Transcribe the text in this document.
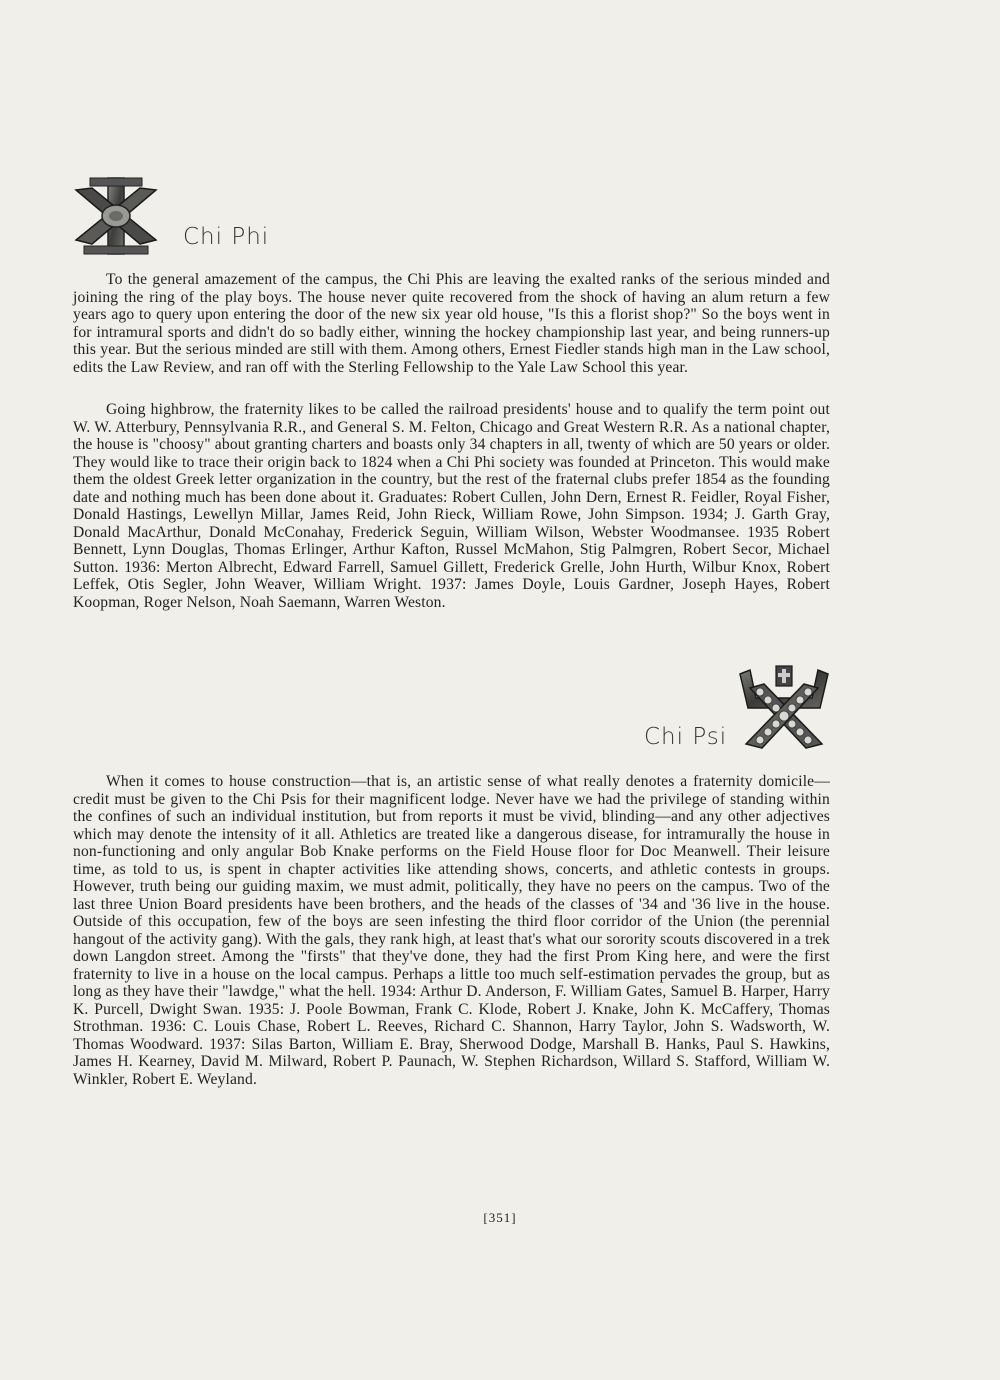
Chi Phi

To the general amazement of the campus, the Chi Phis are leaving the exalted ranks of the serious minded and joining the ring of the play boys. The house never quite recovered from the shock of having an alum return a few years ago to query upon entering the door of the new six year old house, "Is this a florist shop?" So the boys went in for intramural sports and didn't do so badly either, winning the hockey championship last year, and being runners-up this year. But the serious minded are still with them. Among others, Ernest Fiedler stands high man in the Law school, edits the Law Review, and ran off with the Sterling Fellowship to the Yale Law School this year.

Going highbrow, the fraternity likes to be called the railroad presidents' house and to qualify the term point out W. W. Atterbury, Pennsylvania R.R., and General S. M. Felton, Chicago and Great Western R.R. As a national chapter, the house is "choosy" about granting charters and boasts only 34 chapters in all, twenty of which are 50 years or older. They would like to trace their origin back to 1824 when a Chi Phi society was founded at Princeton. This would make them the oldest Greek letter organization in the country, but the rest of the fraternal clubs prefer 1854 as the founding date and nothing much has been done about it. Graduates: Robert Cullen, John Dern, Ernest R. Feidler, Royal Fisher, Donald Hastings, Lewellyn Millar, James Reid, John Rieck, William Rowe, John Simpson. 1934; J. Garth Gray, Donald MacArthur, Donald McConahay, Frederick Seguin, William Wilson, Webster Woodmansee. 1935 Robert Bennett, Lynn Douglas, Thomas Erlinger, Arthur Kafton, Russel McMahon, Stig Palmgren, Robert Secor, Michael Sutton. 1936: Merton Albrecht, Edward Farrell, Samuel Gillett, Frederick Grelle, John Hurth, Wilbur Knox, Robert Leffek, Otis Segler, John Weaver, William Wright. 1937: James Doyle, Louis Gardner, Joseph Hayes, Robert Koopman, Roger Nelson, Noah Saemann, Warren Weston.

Chi Psi

When it comes to house construction—that is, an artistic sense of what really denotes a fraternity domicile—credit must be given to the Chi Psis for their magnificent lodge. Never have we had the privilege of standing within the confines of such an individual institution, but from reports it must be vivid, blinding—and any other adjectives which may denote the intensity of it all. Athletics are treated like a dangerous disease, for intramurally the house in non-functioning and only angular Bob Knake performs on the Field House floor for Doc Meanwell. Their leisure time, as told to us, is spent in chapter activities like attending shows, concerts, and athletic contests in groups. However, truth being our guiding maxim, we must admit, politically, they have no peers on the campus. Two of the last three Union Board presidents have been brothers, and the heads of the classes of '34 and '36 live in the house. Outside of this occupation, few of the boys are seen infesting the third floor corridor of the Union (the perennial hangout of the activity gang). With the gals, they rank high, at least that's what our sorority scouts discovered in a trek down Langdon street. Among the "firsts" that they've done, they had the first Prom King here, and were the first fraternity to live in a house on the local campus. Perhaps a little too much self-estimation pervades the group, but as long as they have their "lawdge," what the hell. 1934: Arthur D. Anderson, F. William Gates, Samuel B. Harper, Harry K. Purcell, Dwight Swan. 1935: J. Poole Bowman, Frank C. Klode, Robert J. Knake, John K. McCaffery, Thomas Strothman. 1936: C. Louis Chase, Robert L. Reeves, Richard C. Shannon, Harry Taylor, John S. Wadsworth, W. Thomas Woodward. 1937: Silas Barton, William E. Bray, Sherwood Dodge, Marshall B. Hanks, Paul S. Hawkins, James H. Kearney, David M. Milward, Robert P. Paunach, W. Stephen Richardson, Willard S. Stafford, William W. Winkler, Robert E. Weyland.

[351]
